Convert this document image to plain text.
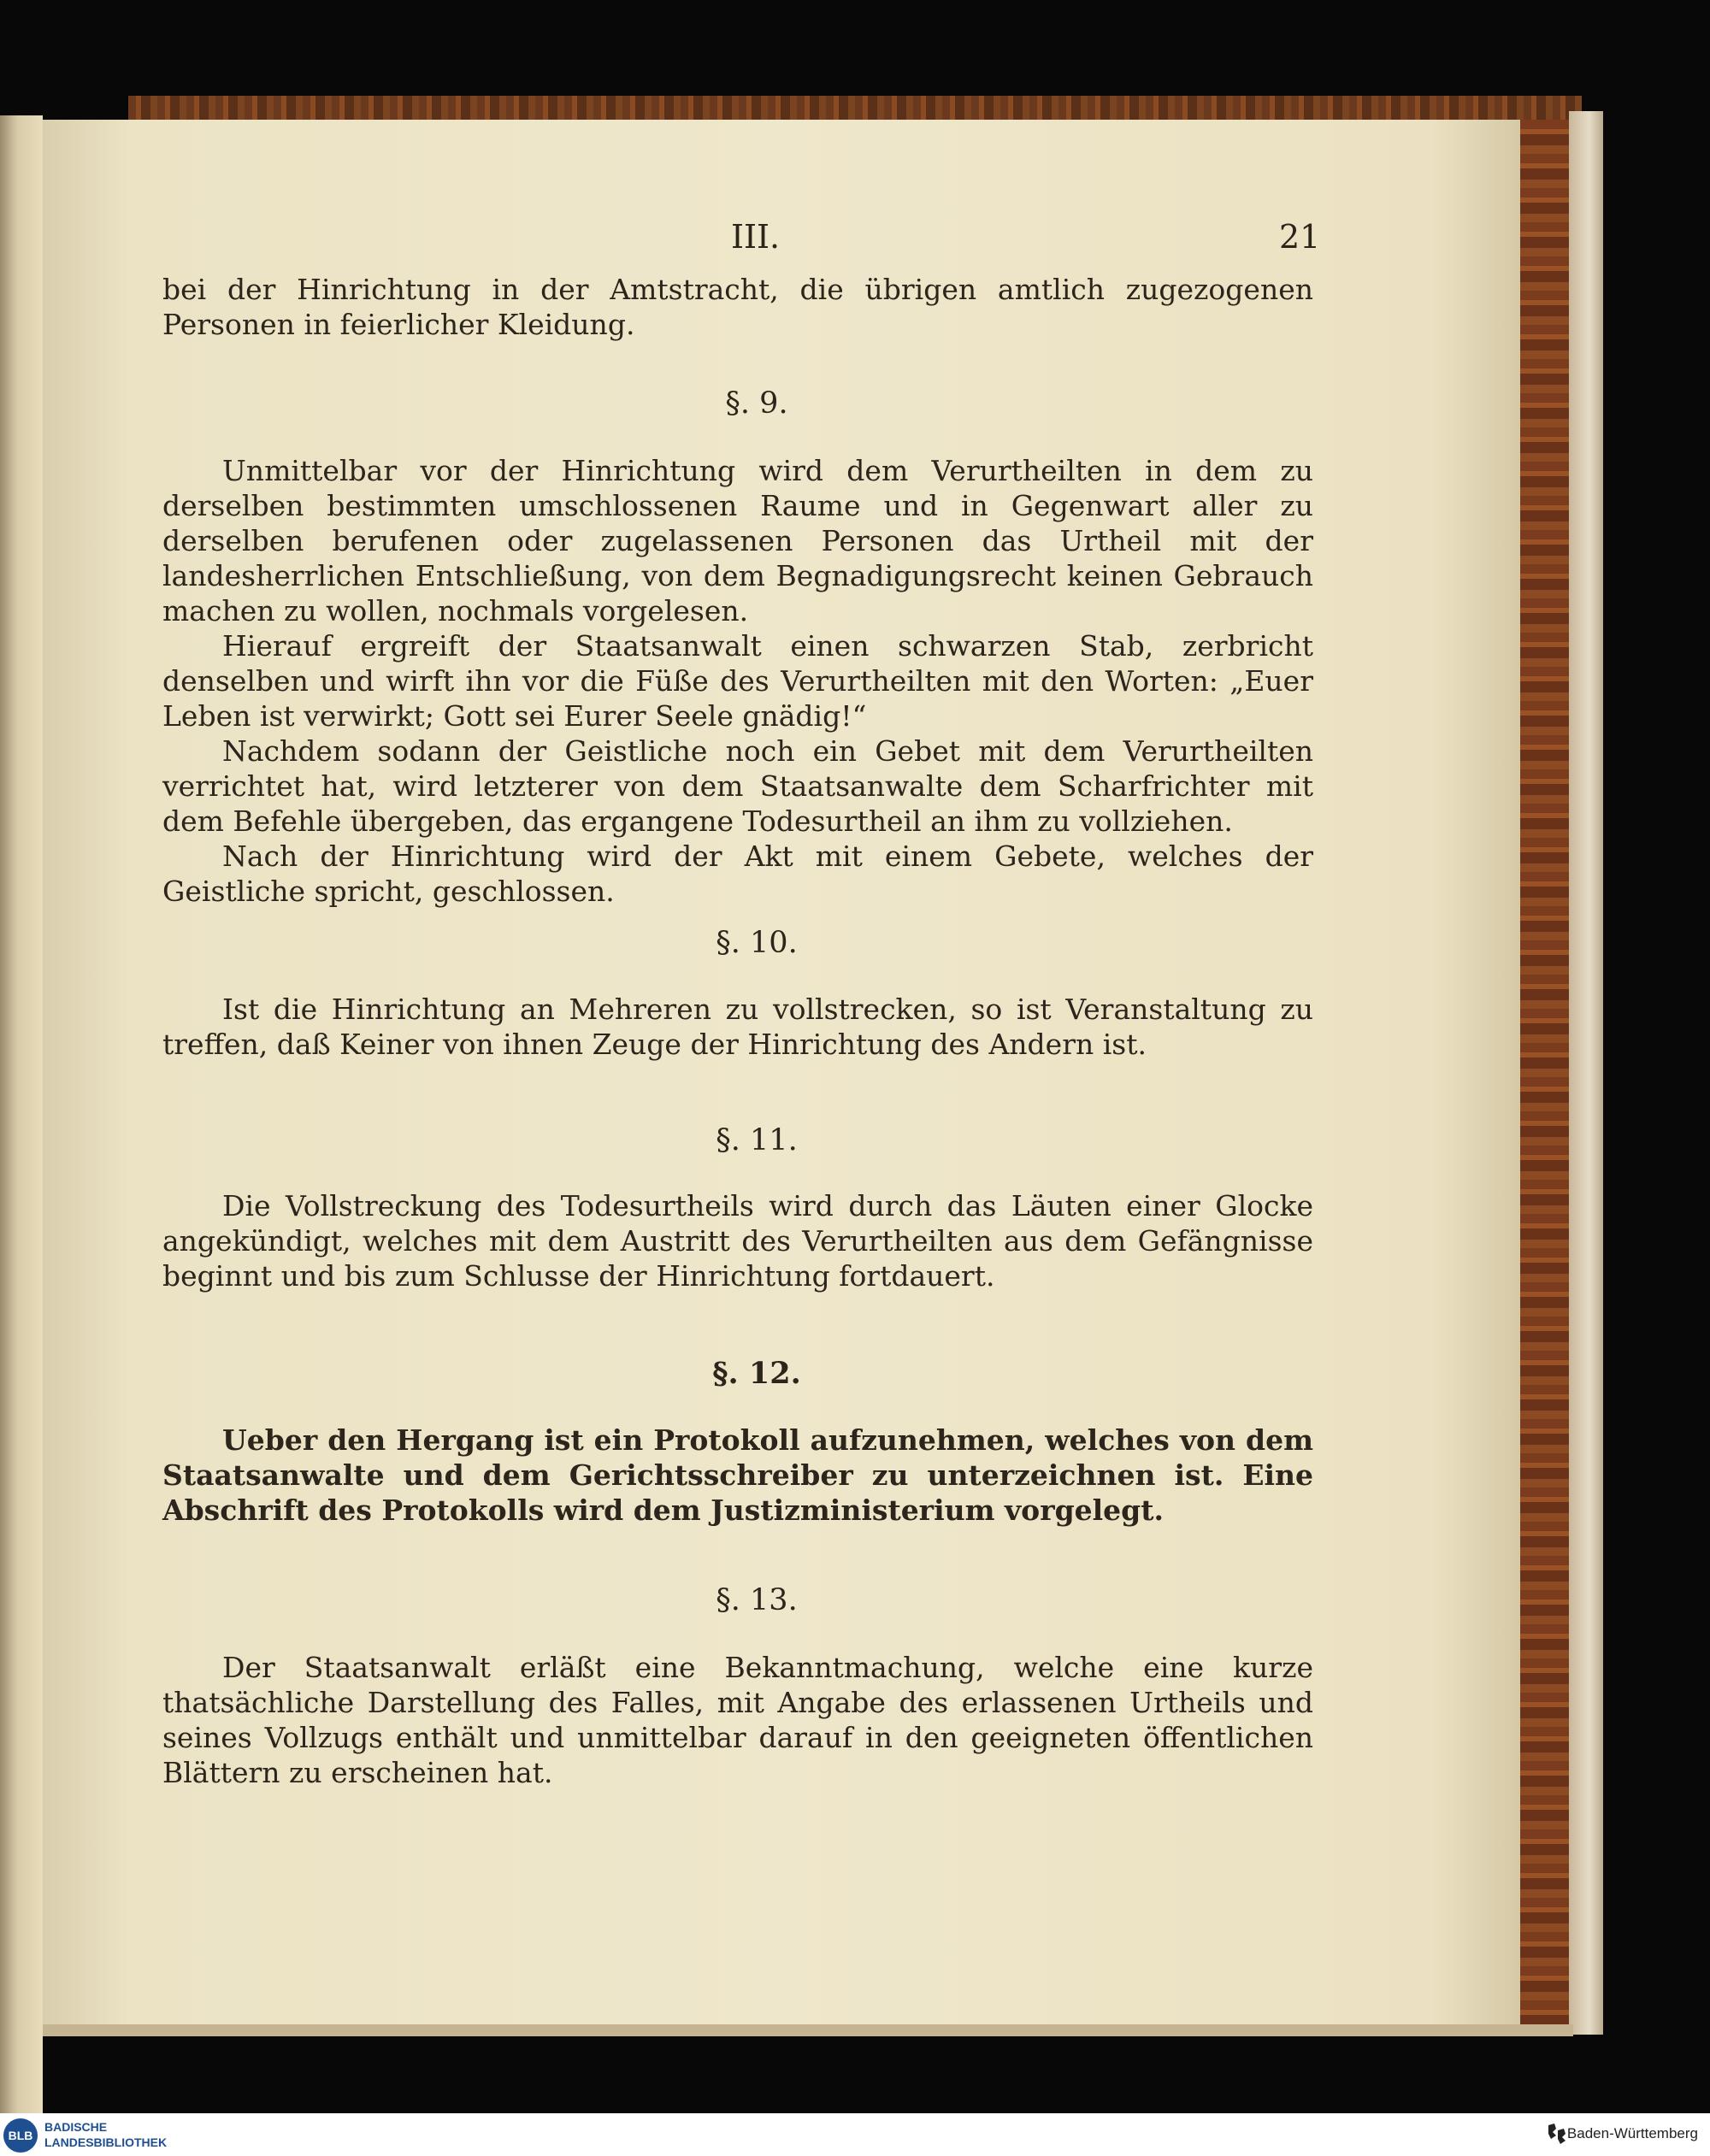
III.	21

bei der Hinrichtung in der Amtstracht, die übrigen amtlich zugezogenen Personen in feierlicher Kleidung.

§. 9.

Unmittelbar vor der Hinrichtung wird dem Verurtheilten in dem zu derselben bestimmten umschlossenen Raume und in Gegenwart aller zu derselben berufenen oder zugelassenen Personen das Urtheil mit der landesherrlichen Entschließung, von dem Begnadigungsrecht keinen Gebrauch machen zu wollen, nochmals vorgelesen.

Hierauf ergreift der Staatsanwalt einen schwarzen Stab, zerbricht denselben und wirft ihn vor die Füße des Verurtheilten mit den Worten: „Euer Leben ist verwirkt; Gott sei Eurer Seele gnädig!“

Nachdem sodann der Geistliche noch ein Gebet mit dem Verurtheilten verrichtet hat, wird letzterer von dem Staatsanwalte dem Scharfrichter mit dem Befehle übergeben, das ergangene Todesurtheil an ihm zu vollziehen.

Nach der Hinrichtung wird der Akt mit einem Gebete, welches der Geistliche spricht, geschlossen.

§. 10.

Ist die Hinrichtung an Mehreren zu vollstrecken, so ist Veranstaltung zu treffen, daß Keiner von ihnen Zeuge der Hinrichtung des Andern ist.

§. 11.

Die Vollstreckung des Todesurtheils wird durch das Läuten einer Glocke angekündigt, welches mit dem Austritt des Verurtheilten aus dem Gefängnisse beginnt und bis zum Schlusse der Hinrichtung fortdauert.

§. 12.

Ueber den Hergang ist ein Protokoll aufzunehmen, welches von dem Staatsanwalte und dem Gerichtsschreiber zu unterzeichnen ist. Eine Abschrift des Protokolls wird dem Justizministerium vorgelegt.

§. 13.

Der Staatsanwalt erläßt eine Bekanntmachung, welche eine kurze thatsächliche Darstellung des Falles, mit Angabe des erlassenen Urtheils und seines Vollzugs enthält und unmittelbar darauf in den geeigneten öffentlichen Blättern zu erscheinen hat.

BLB
BADISCHE
LANDESBIBLIOTHEK
Baden-Württemberg
